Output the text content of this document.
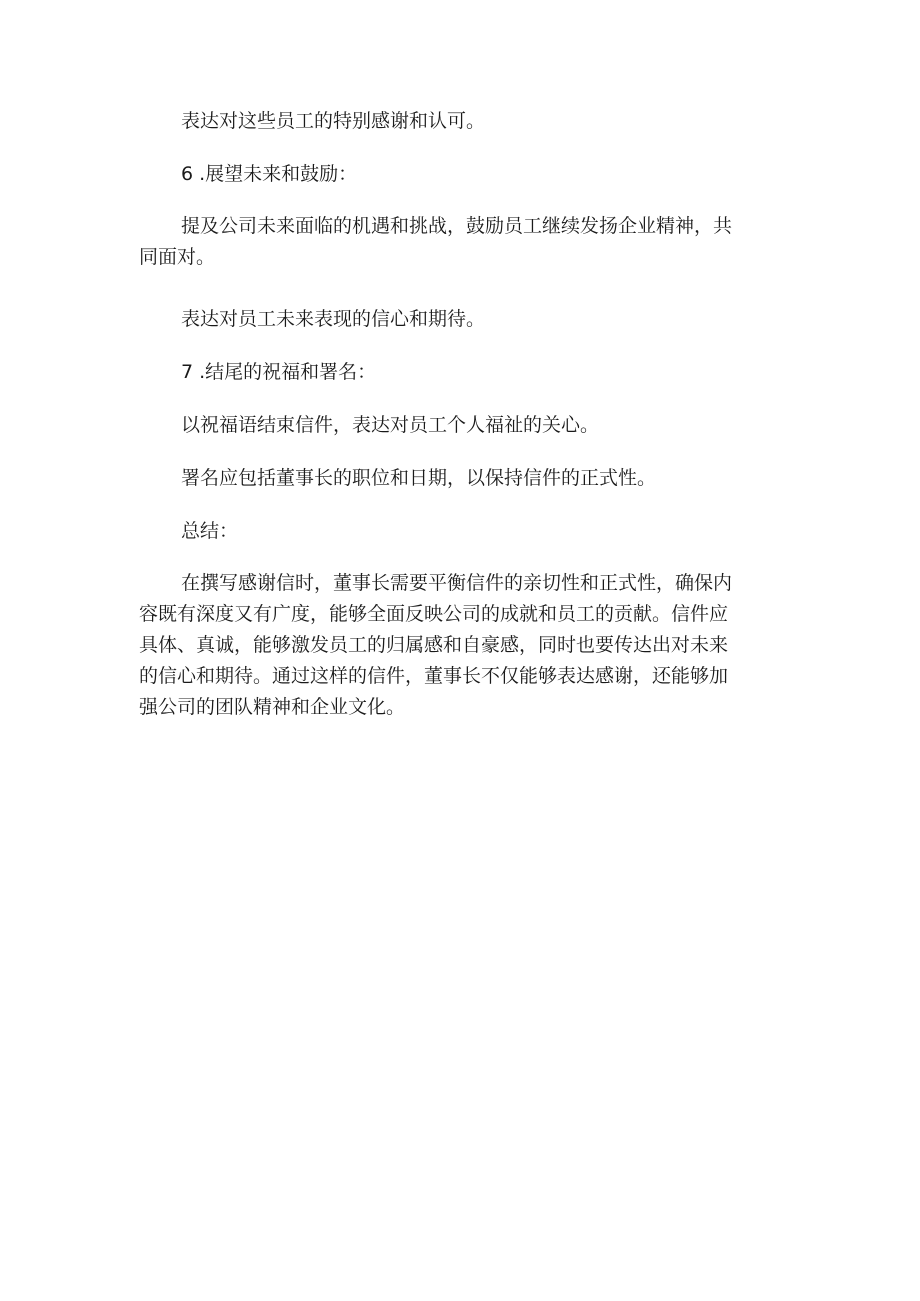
表达对这些员工的特别感谢和认可。

6 .展望未来和鼓励：

提及公司未来面临的机遇和挑战，鼓励员工继续发扬企业精神，共
同面对。

表达对员工未来表现的信心和期待。

7 .结尾的祝福和署名：

以祝福语结束信件，表达对员工个人福祉的关心。

署名应包括董事长的职位和日期，以保持信件的正式性。

总结：

在撰写感谢信时，董事长需要平衡信件的亲切性和正式性，确保内
容既有深度又有广度，能够全面反映公司的成就和员工的贡献。信件应
具体、真诚，能够激发员工的归属感和自豪感，同时也要传达出对未来
的信心和期待。通过这样的信件，董事长不仅能够表达感谢，还能够加
强公司的团队精神和企业文化。
